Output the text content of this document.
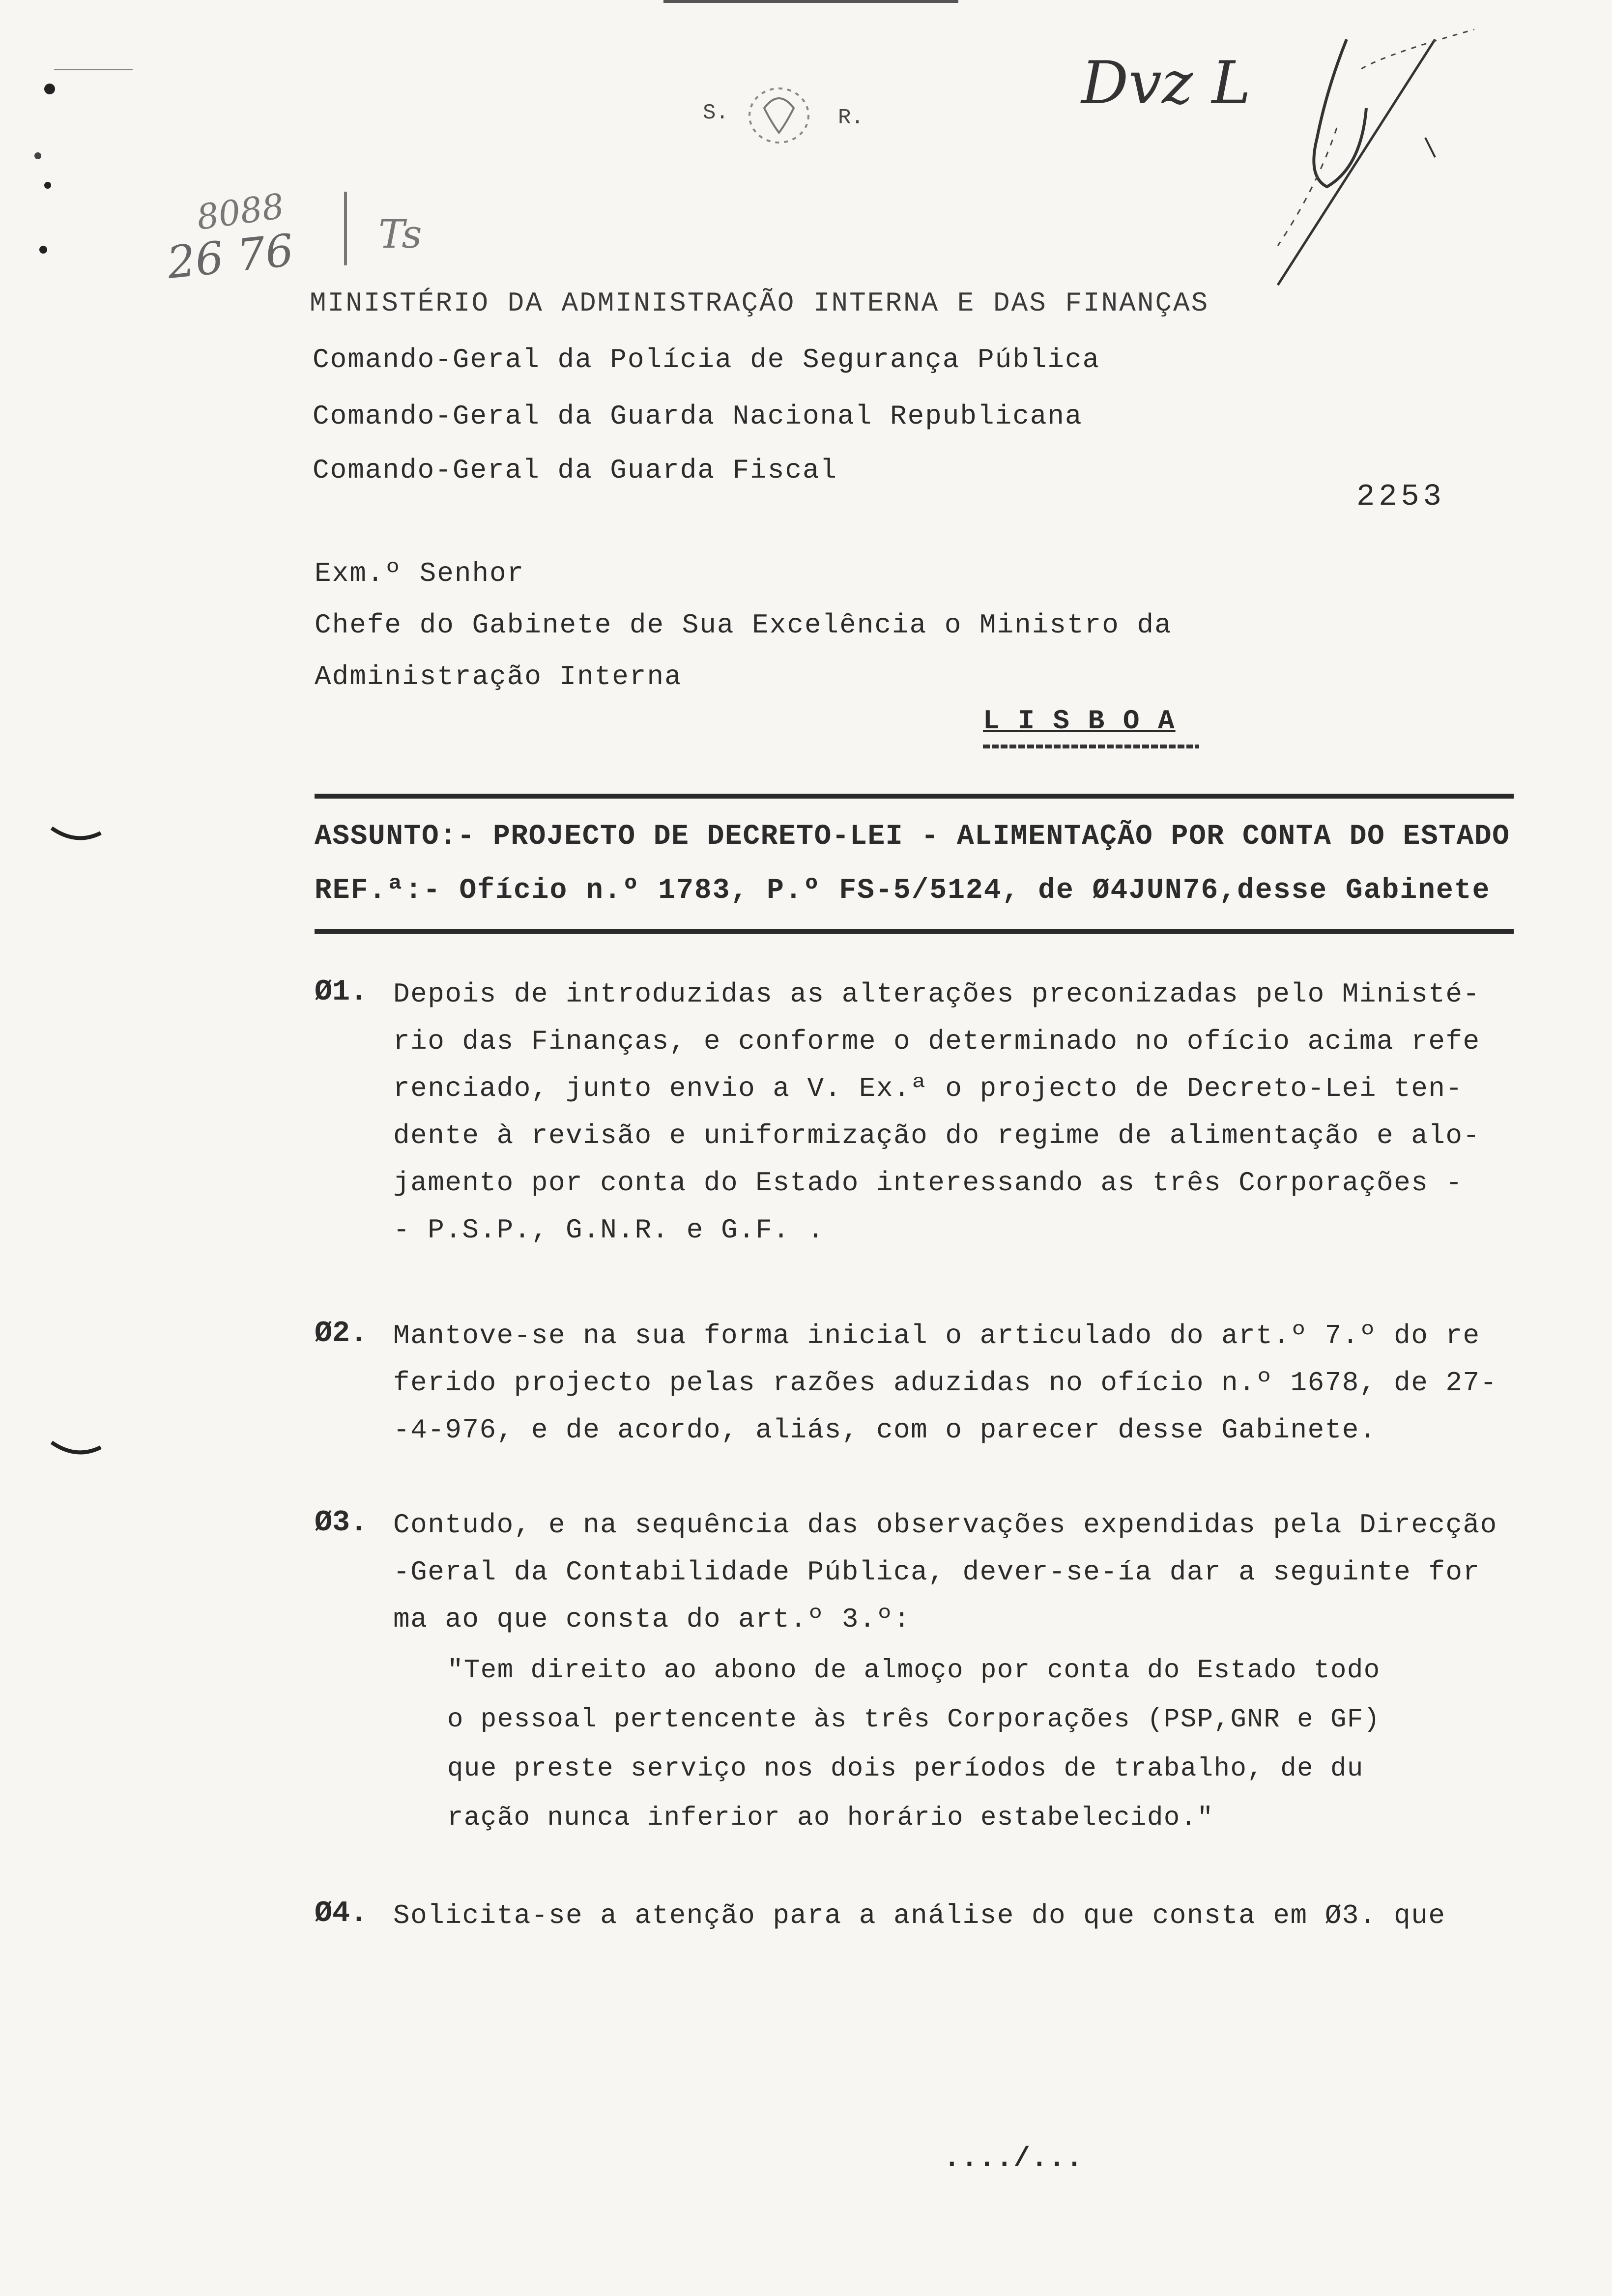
S.	R.
Dvz L
8088
26 76 Ts
MINISTÉRIO DA ADMINISTRAÇÃO INTERNA E DAS FINANÇAS
Comando-Geral da Polícia de Segurança Pública
Comando-Geral da Guarda Nacional Republicana
Comando-Geral da Guarda Fiscal
2253
Exm.º Senhor
Chefe do Gabinete de Sua Excelência o Ministro da
Administração Interna
L I S B O A
ASSUNTO:- PROJECTO DE DECRETO-LEI - ALIMENTAÇÃO POR CONTA DO ESTADO
REF.ª:- Ofício n.º 1783, P.º FS-5/5124, de Ø4JUN76,desse Gabinete
Ø1. Depois de introduzidas as alterações preconizadas pelo Ministé-
rio das Finanças, e conforme o determinado no ofício acima refe
renciado, junto envio a V. Ex.ª o projecto de Decreto-Lei ten-
dente à revisão e uniformização do regime de alimentação e alo-
jamento por conta do Estado interessando as três Corporações -
- P.S.P., G.N.R. e G.F. .
Ø2. Mantove-se na sua forma inicial o articulado do art.º 7.º do re
ferido projecto pelas razões aduzidas no ofício n.º 1678, de 27-
-4-976, e de acordo, aliás, com o parecer desse Gabinete.
Ø3. Contudo, e na sequência das observações expendidas pela Direcção
-Geral da Contabilidade Pública, dever-se-ía dar a seguinte for
ma ao que consta do art.º 3.º:
"Tem direito ao abono de almoço por conta do Estado todo
o pessoal pertencente às três Corporações (PSP,GNR e GF)
que preste serviço nos dois períodos de trabalho, de du
ração nunca inferior ao horário estabelecido."
Ø4. Solicita-se a atenção para a análise do que consta em Ø3. que
..../...
